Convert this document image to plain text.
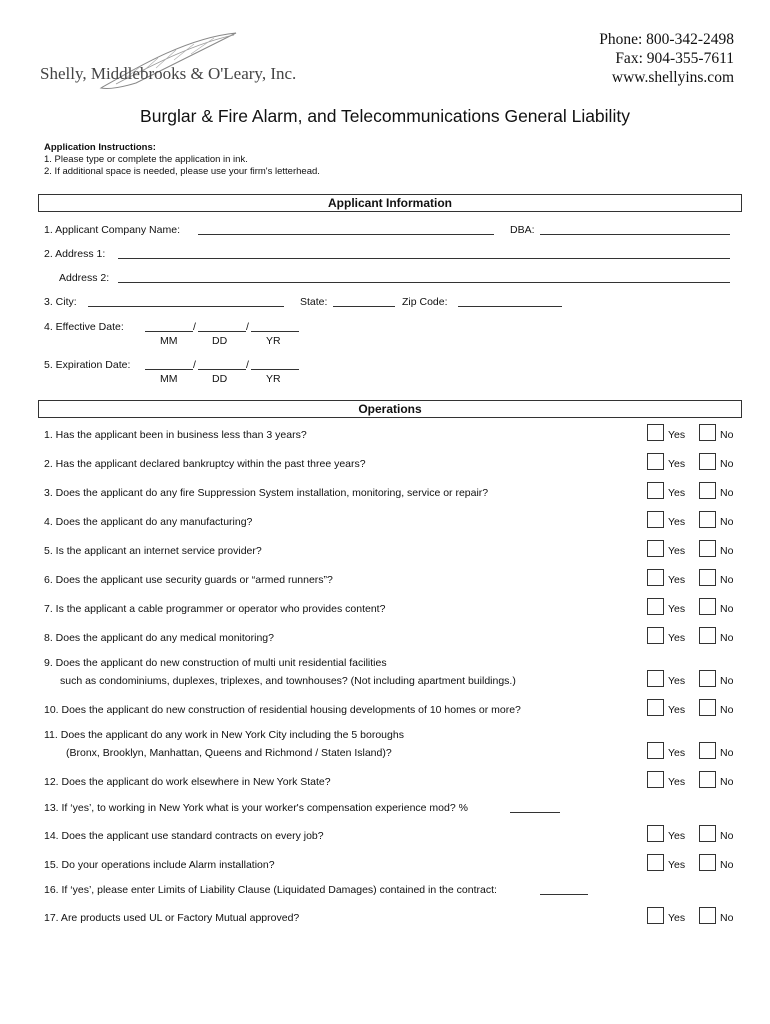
Shelly, Middlebrooks & O'Leary, Inc.
Phone: 800-342-2498
Fax: 904-355-7611
www.shellyins.com
Burglar & Fire Alarm, and Telecommunications General Liability
Application Instructions:
1. Please type or complete the application in ink.
2. If additional space is needed, please use your firm's letterhead.
Applicant Information
1. Applicant Company Name:	DBA:
2. Address 1:
Address 2:
3. City:	State:	Zip Code:
4. Effective Date:	/	/
MM	DD	YR
5. Expiration Date:	/	/
MM	DD	YR
Operations
1. Has the applicant been in business less than 3 years?	Yes	No
2. Has the applicant declared bankruptcy within the past three years?	Yes	No
3. Does the applicant do any fire Suppression System installation, monitoring, service or repair?	Yes	No
4. Does the applicant do any manufacturing?	Yes	No
5. Is the applicant an internet service provider?	Yes	No
6. Does the applicant use security guards or “armed runners”?	Yes	No
7. Is the applicant a cable programmer or operator who provides content?	Yes	No
8. Does the applicant do any medical monitoring?	Yes	No
9. Does the applicant do new construction of multi unit residential facilities
such as condominiums, duplexes, triplexes, and townhouses? (Not including apartment buildings.)	Yes	No
10. Does the applicant do new construction of residential housing developments of 10 homes or more?	Yes	No
11. Does the applicant do any work in New York City including the 5 boroughs
(Bronx, Brooklyn, Manhattan, Queens and Richmond / Staten Island)?	Yes	No
12. Does the applicant do work elsewhere in New York State?	Yes	No
13. If ‘yes’, to working in New York what is your worker's compensation experience mod? %
14. Does the applicant use standard contracts on every job?	Yes	No
15. Do your operations include Alarm installation?	Yes	No
16. If ‘yes’, please enter Limits of Liability Clause (Liquidated Damages) contained in the contract:
17. Are products used UL or Factory Mutual approved?	Yes	No
